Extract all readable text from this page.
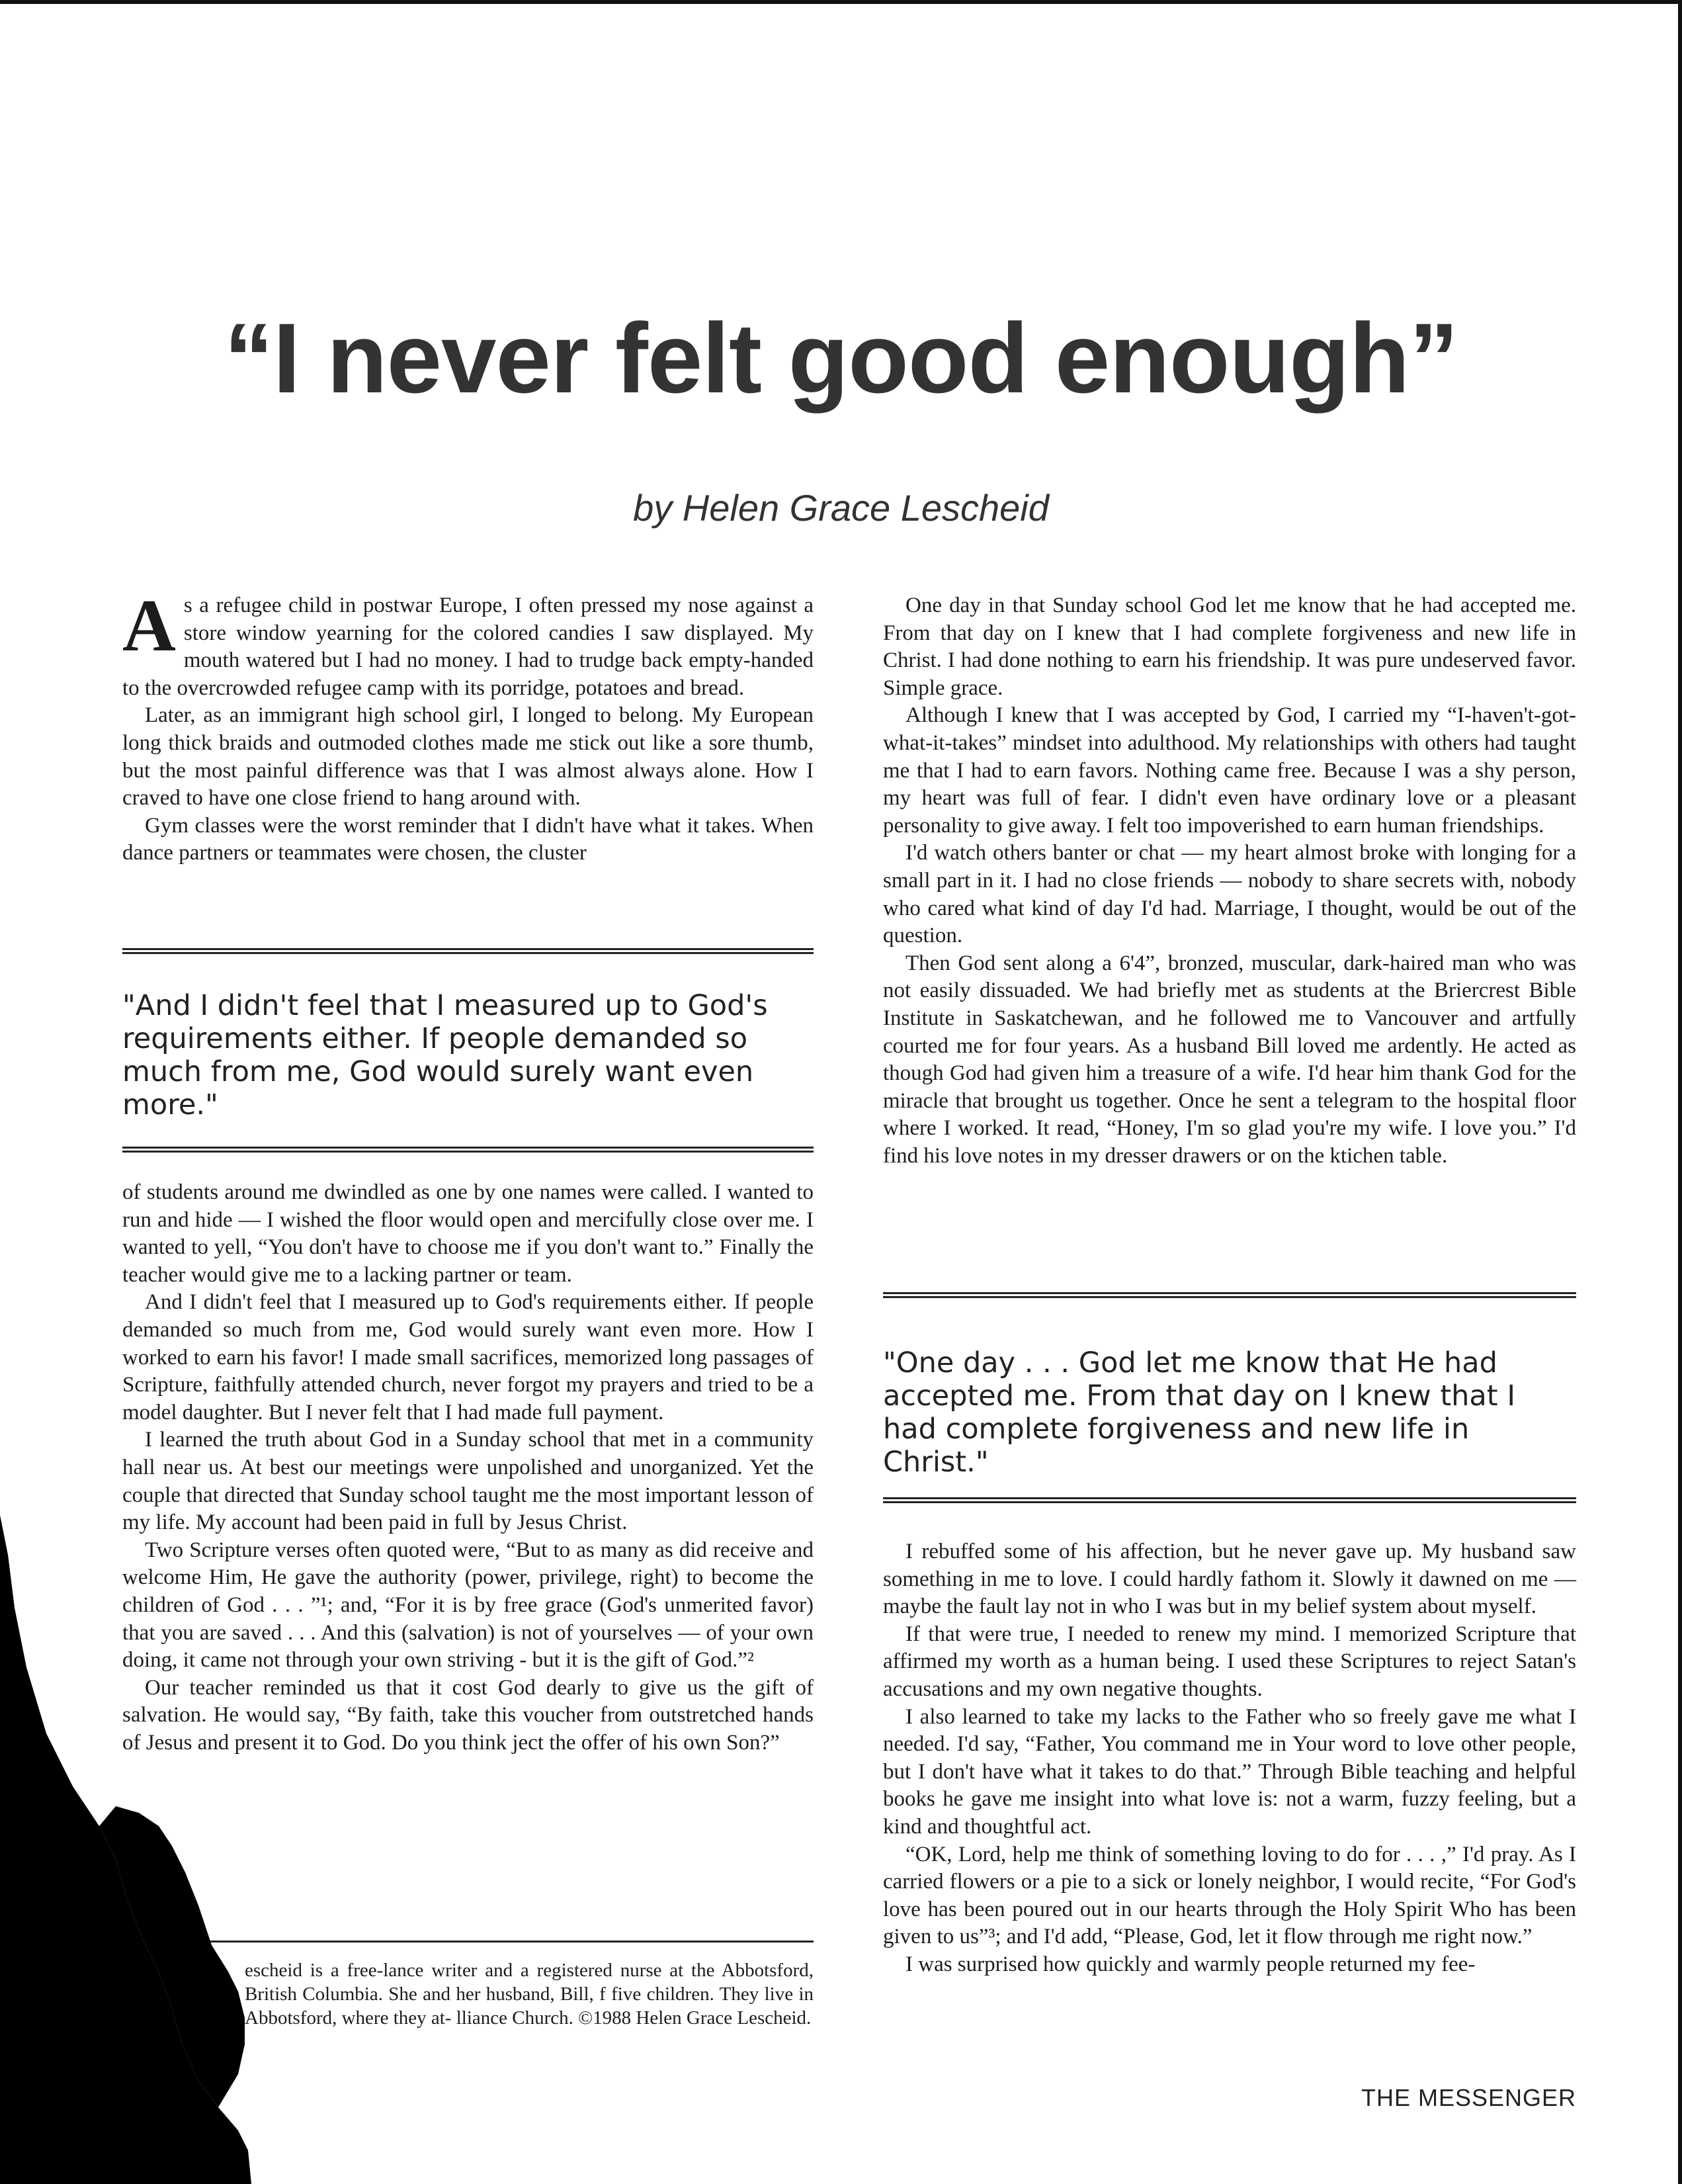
“I never felt good enough”
by Helen Grace Lescheid

As a refugee child in postwar Europe, I often pressed my nose against a store window yearning for the colored candies I saw displayed. My mouth watered but I had no money. I had to trudge back empty-handed to the overcrowded refugee camp with its porridge, potatoes and bread.

Later, as an immigrant high school girl, I longed to belong. My European long thick braids and outmoded clothes made me stick out like a sore thumb, but the most painful difference was that I was almost always alone. How I craved to have one close friend to hang around with.

Gym classes were the worst reminder that I didn't have what it takes. When dance partners or teammates were chosen, the cluster

"And I didn't feel that I measured up to God's requirements either. If people demanded so much from me, God would surely want even more."

of students around me dwindled as one by one names were called. I wanted to run and hide — I wished the floor would open and mercifully close over me. I wanted to yell, “You don't have to choose me if you don't want to.” Finally the teacher would give me to a lacking partner or team.

And I didn't feel that I measured up to God's requirements either. If people demanded so much from me, God would surely want even more. How I worked to earn his favor! I made small sacrifices, memorized long passages of Scripture, faithfully attended church, never forgot my prayers and tried to be a model daughter. But I never felt that I had made full payment.

I learned the truth about God in a Sunday school that met in a community hall near us. At best our meetings were unpolished and unorganized. Yet the couple that directed that Sunday school taught me the most important lesson of my life. My account had been paid in full by Jesus Christ.

Two Scripture verses often quoted were, “But to as many as did receive and welcome Him, He gave the authority (power, privilege, right) to become the children of God . . . ”¹; and, “For it is by free grace (God's unmerited favor) that you are saved . . . And this (salvation) is not of yourselves — of your own doing, it came not through your own striving - but it is the gift of God.”²

Our teacher reminded us that it cost God dearly to give us the gift of salvation. He would say, “By faith, take this voucher from outstretched hands of Jesus and present it to God. Do you think ject the offer of his own Son?”

escheid is a free-lance writer and a registered nurse at the Abbotsford, British Columbia. She and her husband, Bill, f five children. They live in Abbotsford, where they at- lliance Church. ©1988 Helen Grace Lescheid.

One day in that Sunday school God let me know that he had accepted me. From that day on I knew that I had complete forgiveness and new life in Christ. I had done nothing to earn his friendship. It was pure undeserved favor. Simple grace.

Although I knew that I was accepted by God, I carried my “I-haven't-got-what-it-takes” mindset into adulthood. My relationships with others had taught me that I had to earn favors. Nothing came free. Because I was a shy person, my heart was full of fear. I didn't even have ordinary love or a pleasant personality to give away. I felt too impoverished to earn human friendships.

I'd watch others banter or chat — my heart almost broke with longing for a small part in it. I had no close friends — nobody to share secrets with, nobody who cared what kind of day I'd had. Marriage, I thought, would be out of the question.

Then God sent along a 6'4”, bronzed, muscular, dark-haired man who was not easily dissuaded. We had briefly met as students at the Briercrest Bible Institute in Saskatchewan, and he followed me to Vancouver and artfully courted me for four years. As a husband Bill loved me ardently. He acted as though God had given him a treasure of a wife. I'd hear him thank God for the miracle that brought us together. Once he sent a telegram to the hospital floor where I worked. It read, “Honey, I'm so glad you're my wife. I love you.” I'd find his love notes in my dresser drawers or on the ktichen table.

"One day . . . God let me know that He had accepted me. From that day on I knew that I had complete forgiveness and new life in Christ."

I rebuffed some of his affection, but he never gave up. My husband saw something in me to love. I could hardly fathom it. Slowly it dawned on me — maybe the fault lay not in who I was but in my belief system about myself.

If that were true, I needed to renew my mind. I memorized Scripture that affirmed my worth as a human being. I used these Scriptures to reject Satan's accusations and my own negative thoughts.

I also learned to take my lacks to the Father who so freely gave me what I needed. I'd say, “Father, You command me in Your word to love other people, but I don't have what it takes to do that.” Through Bible teaching and helpful books he gave me insight into what love is: not a warm, fuzzy feeling, but a kind and thoughtful act.

“OK, Lord, help me think of something loving to do for . . . ,” I'd pray. As I carried flowers or a pie to a sick or lonely neighbor, I would recite, “For God's love has been poured out in our hearts through the Holy Spirit Who has been given to us”³; and I'd add, “Please, God, let it flow through me right now.”

I was surprised how quickly and warmly people returned my fee-

THE MESSENGER
